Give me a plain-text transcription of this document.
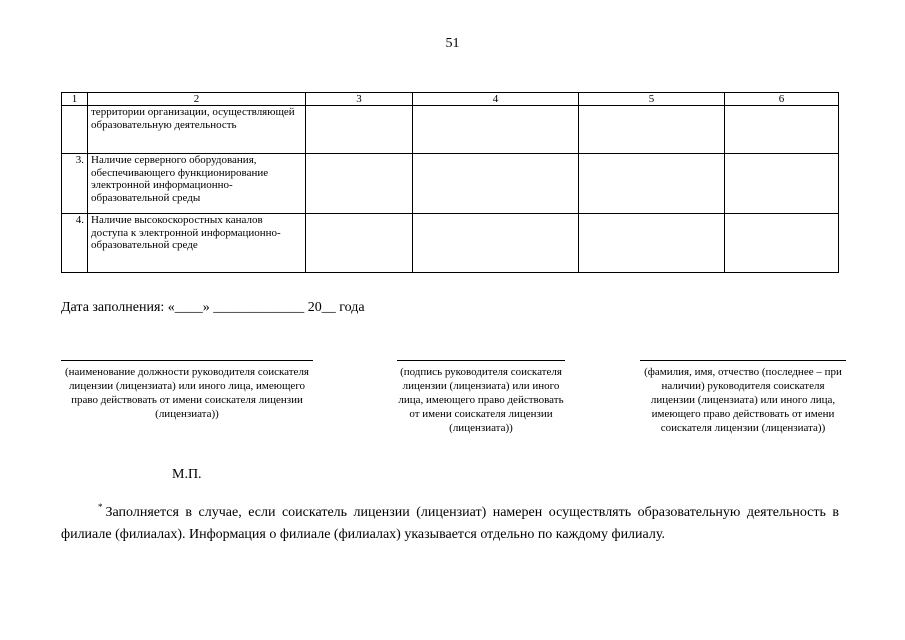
51
1	2	3	4	5	6
	территории организации, осуществляющей образовательную деятельность				
3.	Наличие серверного оборудования, обеспечивающего функционирование электронной информационно-образовательной среды				
4.	Наличие высокоскоростных каналов доступа к электронной информационно-образовательной среде				
Дата заполнения: «____» _____________ 20__ года
(наименование должности руководителя соискателя лицензии (лицензиата) или иного лица, имеющего право действовать от имени соискателя лицензии (лицензиата))
(подпись руководителя соискателя лицензии (лицензиата) или иного лица, имеющего право действовать от имени соискателя лицензии (лицензиата))
(фамилия, имя, отчество (последнее – при наличии) руководителя соискателя лицензии (лицензиата) или иного лица, имеющего право действовать от имени соискателя лицензии (лицензиата))
М.П.
* Заполняется в случае, если соискатель лицензии (лицензиат) намерен осуществлять образовательную деятельность в филиале (филиалах). Информация о филиале (филиалах) указывается отдельно по каждому филиалу.
